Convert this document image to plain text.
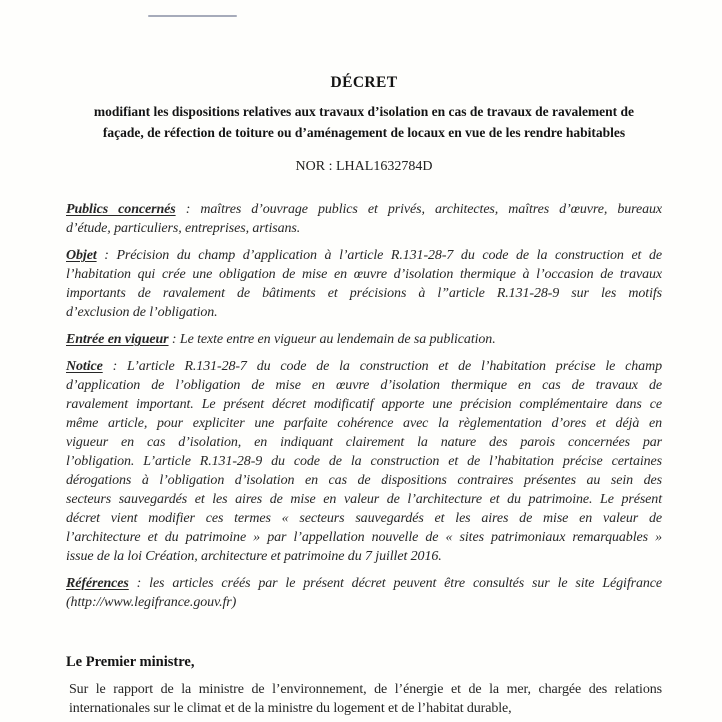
DÉCRET
modifiant les dispositions relatives aux travaux d’isolation en cas de travaux de ravalement de
façade, de réfection de toiture ou d’aménagement de locaux en vue de les rendre habitables
NOR : LHAL1632784D
Publics concernés : maîtres d’ouvrage publics et privés, architectes, maîtres d’œuvre, bureaux
d’étude, particuliers, entreprises, artisans.
Objet : Précision du champ d’application à l’article R.131-28-7 du code de la construction et de
l’habitation qui crée une obligation de mise en œuvre d’isolation thermique à l’occasion de travaux
importants de ravalement de bâtiments et précisions à l”article R.131-28-9 sur les motifs
d’exclusion de l’obligation.
Entrée en vigueur : Le texte entre en vigueur au lendemain de sa publication.
Notice : L’article R.131-28-7 du code de la construction et de l’habitation précise le champ
d’application de l’obligation de mise en œuvre d’isolation thermique en cas de travaux de
ravalement important. Le présent décret modificatif apporte une précision complémentaire dans ce
même article, pour expliciter une parfaite cohérence avec la règlementation d’ores et déjà en
vigueur en cas d’isolation, en indiquant clairement la nature des parois concernées par
l’obligation. L’article R.131-28-9 du code de la construction et de l’habitation précise certaines
dérogations à l’obligation d’isolation en cas de dispositions contraires présentes au sein des
secteurs sauvegardés et les aires de mise en valeur de l’architecture et du patrimoine. Le présent
décret vient modifier ces termes « secteurs sauvegardés et les aires de mise en valeur de
l’architecture et du patrimoine » par l’appellation nouvelle de « sites patrimoniaux remarquables »
issue de la loi Création, architecture et patrimoine du 7 juillet 2016.
Références : les articles créés par le présent décret peuvent être consultés sur le site Légifrance
(http://www.legifrance.gouv.fr)
Le Premier ministre,
Sur le rapport de la ministre de l’environnement, de l’énergie et de la mer, chargée des relations
internationales sur le climat et de la ministre du logement et de l’habitat durable,
